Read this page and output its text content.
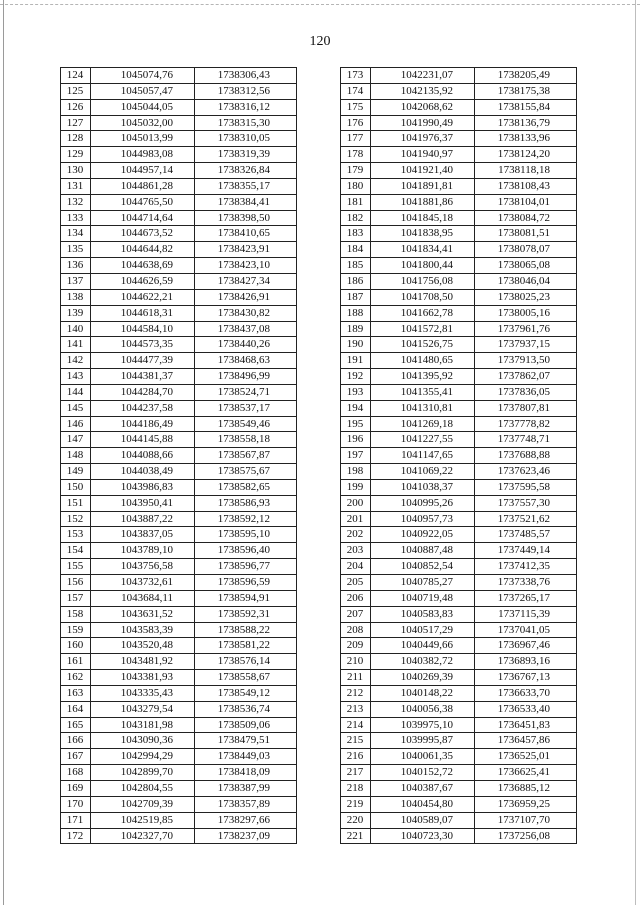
120
124	1045074,76	1738306,43
125	1045057,47	1738312,56
126	1045044,05	1738316,12
127	1045032,00	1738315,30
128	1045013,99	1738310,05
129	1044983,08	1738319,39
130	1044957,14	1738326,84
131	1044861,28	1738355,17
132	1044765,50	1738384,41
133	1044714,64	1738398,50
134	1044673,52	1738410,65
135	1044644,82	1738423,91
136	1044638,69	1738423,10
137	1044626,59	1738427,34
138	1044622,21	1738426,91
139	1044618,31	1738430,82
140	1044584,10	1738437,08
141	1044573,35	1738440,26
142	1044477,39	1738468,63
143	1044381,37	1738496,99
144	1044284,70	1738524,71
145	1044237,58	1738537,17
146	1044186,49	1738549,46
147	1044145,88	1738558,18
148	1044088,66	1738567,87
149	1044038,49	1738575,67
150	1043986,83	1738582,65
151	1043950,41	1738586,93
152	1043887,22	1738592,12
153	1043837,05	1738595,10
154	1043789,10	1738596,40
155	1043756,58	1738596,77
156	1043732,61	1738596,59
157	1043684,11	1738594,91
158	1043631,52	1738592,31
159	1043583,39	1738588,22
160	1043520,48	1738581,22
161	1043481,92	1738576,14
162	1043381,93	1738558,67
163	1043335,43	1738549,12
164	1043279,54	1738536,74
165	1043181,98	1738509,06
166	1043090,36	1738479,51
167	1042994,29	1738449,03
168	1042899,70	1738418,09
169	1042804,55	1738387,99
170	1042709,39	1738357,89
171	1042519,85	1738297,66
172	1042327,70	1738237,09
173	1042231,07	1738205,49
174	1042135,92	1738175,38
175	1042068,62	1738155,84
176	1041990,49	1738136,79
177	1041976,37	1738133,96
178	1041940,97	1738124,20
179	1041921,40	1738118,18
180	1041891,81	1738108,43
181	1041881,86	1738104,01
182	1041845,18	1738084,72
183	1041838,95	1738081,51
184	1041834,41	1738078,07
185	1041800,44	1738065,08
186	1041756,08	1738046,04
187	1041708,50	1738025,23
188	1041662,78	1738005,16
189	1041572,81	1737961,76
190	1041526,75	1737937,15
191	1041480,65	1737913,50
192	1041395,92	1737862,07
193	1041355,41	1737836,05
194	1041310,81	1737807,81
195	1041269,18	1737778,82
196	1041227,55	1737748,71
197	1041147,65	1737688,88
198	1041069,22	1737623,46
199	1041038,37	1737595,58
200	1040995,26	1737557,30
201	1040957,73	1737521,62
202	1040922,05	1737485,57
203	1040887,48	1737449,14
204	1040852,54	1737412,35
205	1040785,27	1737338,76
206	1040719,48	1737265,17
207	1040583,83	1737115,39
208	1040517,29	1737041,05
209	1040449,66	1736967,46
210	1040382,72	1736893,16
211	1040269,39	1736767,13
212	1040148,22	1736633,70
213	1040056,38	1736533,40
214	1039975,10	1736451,83
215	1039995,87	1736457,86
216	1040061,35	1736525,01
217	1040152,72	1736625,41
218	1040387,67	1736885,12
219	1040454,80	1736959,25
220	1040589,07	1737107,70
221	1040723,30	1737256,08
